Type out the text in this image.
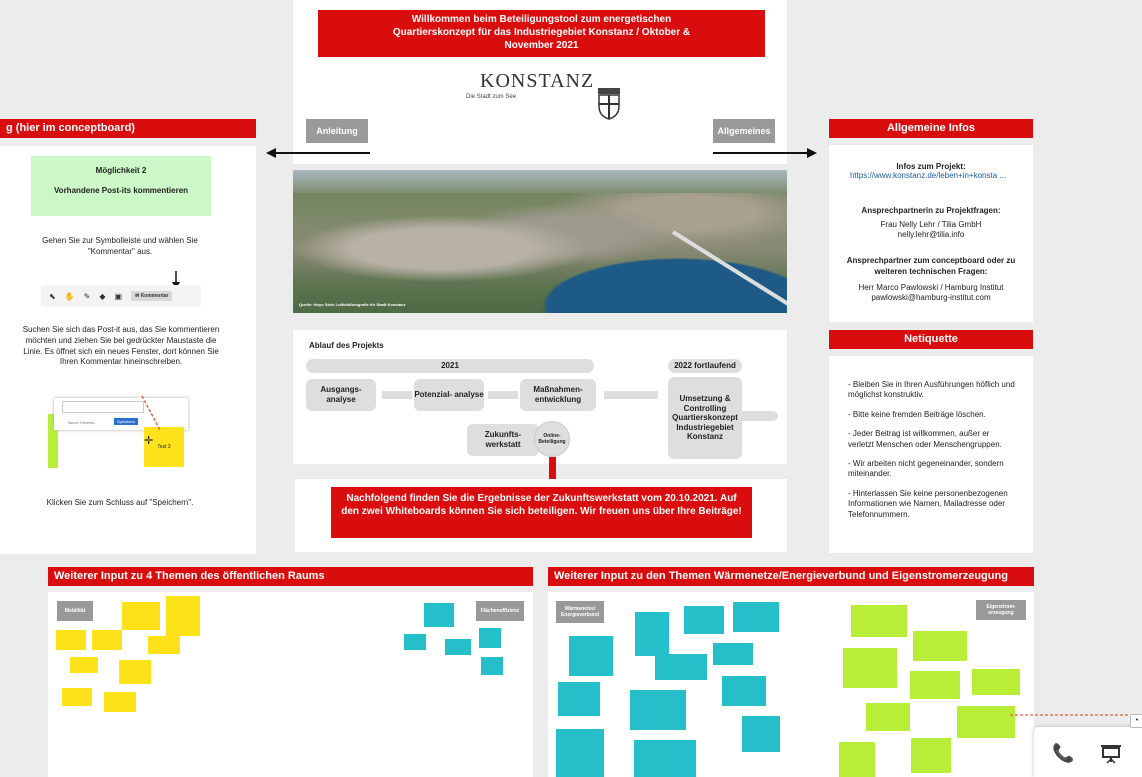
Willkommen beim Beteiligungstool zum energetischen Quartierskonzept für das Industriegebiet Konstanz / Oktober & November 2021
KONSTANZ
Die Stadt zum See
Anleitung	Allgemeines
Quelle: Hoyo Stein Luftbildfotografie für Stadt Konstanz
Ablauf des Projekts
2021	2022 fortlaufend
Ausgangs- analyse
Potenzial- analyse
Maßnahmen- entwicklung
Zukunfts- werkstatt
Umsetzung & Controlling Quartierskonzept Industriegebiet Konstanz
Online-Beteiligung
Nachfolgend finden Sie die Ergebnisse der Zukunftswerkstatt vom 20.10.2021. Auf den zwei Whiteboards können Sie sich beteiligen. Wir freuen uns über Ihre Beiträge!
g (hier im conceptboard)
Möglichkeit 2

Vorhandene Post-its kommentieren
Gehen Sie zur Symbolleiste und wählen Sie "Kommentar" aus.
⬉ ✋ ✎ ◆ ▣	✉ Kommentar
Suchen Sie sich das Post-it aus, das Sie kommentieren möchten und ziehen Sie bei gedrückter Maustaste die Linie. Es öffnet sich ein neues Fenster, dort können Sie Ihren Kommentar hineinschreiben.
Neuer Hinweis..	Speichern
Test 2
✛
Klicken Sie zum Schluss auf "Speichern".
Allgemeine Infos
Infos zum Projekt:
https://www.konstanz.de/leben+in+konsta ...
Ansprechpartnerin zu Projektfragen:
Frau Nelly Lehr / Tilia GmbH
nelly.lehr@tilia.info
Ansprechpartner zum conceptboard oder zu weiteren technischen Fragen:
Herr Marco Pawlowski / Hamburg Institut
pawlowski@hamburg-institut.com
Netiquette
- Bleiben Sie in Ihren Ausführungen höflich und möglichst konstruktiv.
- Bitte keine fremden Beiträge löschen.
- Jeder Beitrag ist willkommen, außer er verletzt Menschen oder Menschengruppen.
- Wir arbeiten nicht gegeneinander, sondern miteinander.
- Hinterlassen Sie keine personenbezogenen Informationen wie Namen, Mailadresse oder Telefonnummern.
Weiterer Input zu 4 Themen des öffentlichen Raums
Mobilität	Flächeneffizienz
Weiterer Input zu den Themen Wärmenetze/Energieverbund und Eigenstromerzeugung
Wärmenetze/ Energieverbund
Eigenstrom- erzeugung
📞
•
